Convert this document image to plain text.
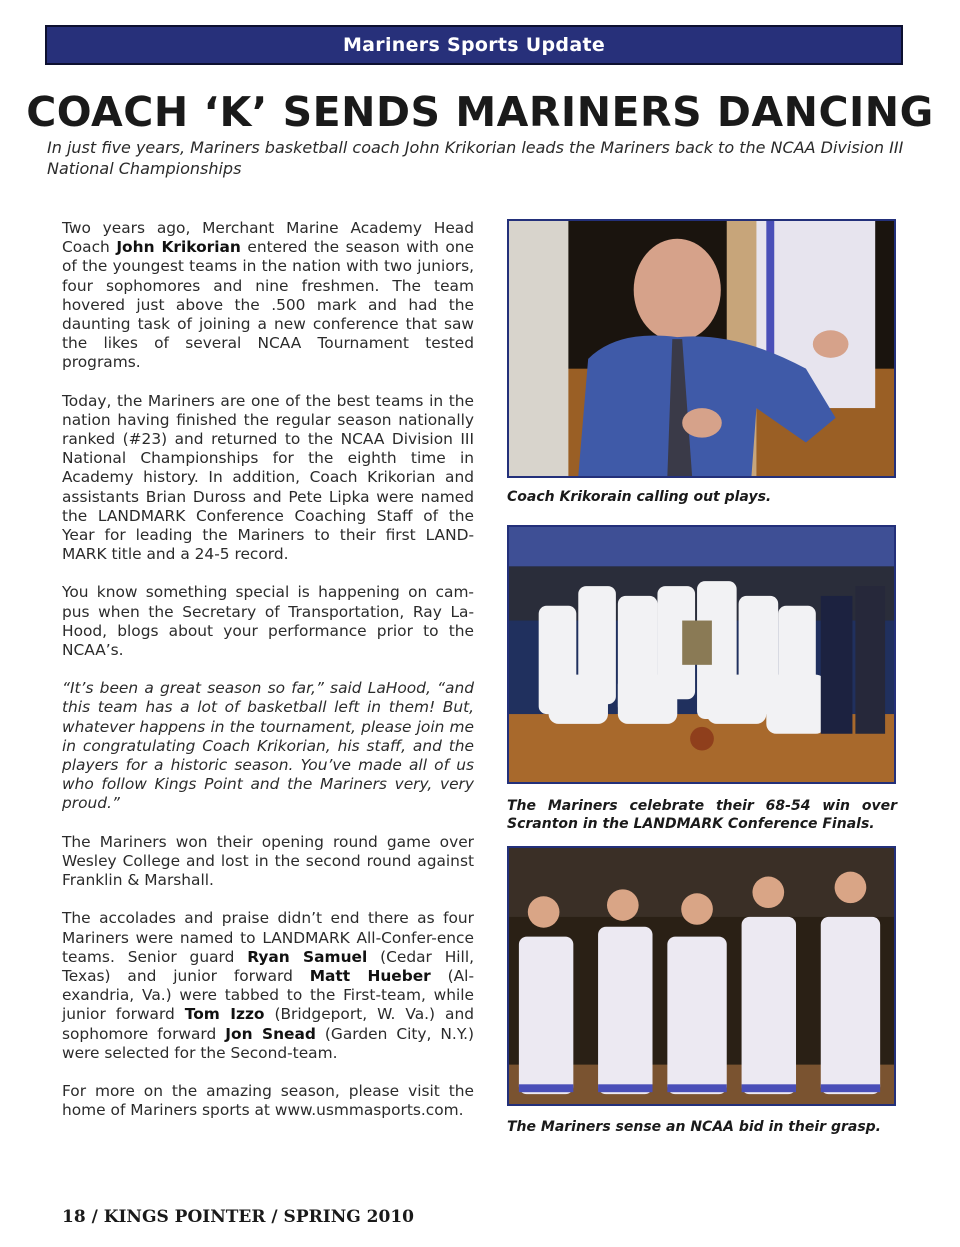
Mariners Sports Update
COACH ‘K’ SENDS MARINERS DANCING
In just five years, Mariners basketball coach John Krikorian leads the Mariners back to the NCAA Division III National Championships

Two years ago, Merchant Marine Academy Head Coach John Krikorian entered the season with one of the youngest teams in the nation with two juniors, four sophomores and nine freshmen. The team hovered just above the .500 mark and had the daunting task of joining a new conference that saw the likes of several NCAA Tournament tested programs.

Today, the Mariners are one of the best teams in the nation having finished the regular season nationally ranked (#23) and returned to the NCAA Division III National Championships for the eighth time in Academy history. In addition, Coach Krikorian and assistants Brian Duross and Pete Lipka were named the LANDMARK Conference Coaching Staff of the Year for leading the Mariners to their first LAND-MARK title and a 24-5 record.

You know something special is happening on cam-pus when the Secretary of Transportation, Ray La-Hood, blogs about your performance prior to the NCAA’s.

“It’s been a great season so far,” said LaHood, “and this team has a lot of basketball left in them! But, whatever happens in the tournament, please join me in congratulating Coach Krikorian, his staff, and the players for a historic season. You’ve made all of us who follow Kings Point and the Mariners very, very proud.”

The Mariners won their opening round game over Wesley College and lost in the second round against Franklin & Marshall.

The accolades and praise didn’t end there as four Mariners were named to LANDMARK All-Confer-ence teams. Senior guard Ryan Samuel (Cedar Hill, Texas) and junior forward Matt Hueber (Al-exandria, Va.) were tabbed to the First-team, while junior forward Tom Izzo (Bridgeport, W. Va.) and sophomore forward Jon Snead (Garden City, N.Y.) were selected for the Second-team.

For more on the amazing season, please visit the home of Mariners sports at www.usmmasports.com.

Coach Krikorain calling out plays.
The Mariners celebrate their 68-54 win over Scranton in the LANDMARK Conference Finals.
The Mariners sense an NCAA bid in their grasp.
18 / KINGS POINTER / SPRING 2010
